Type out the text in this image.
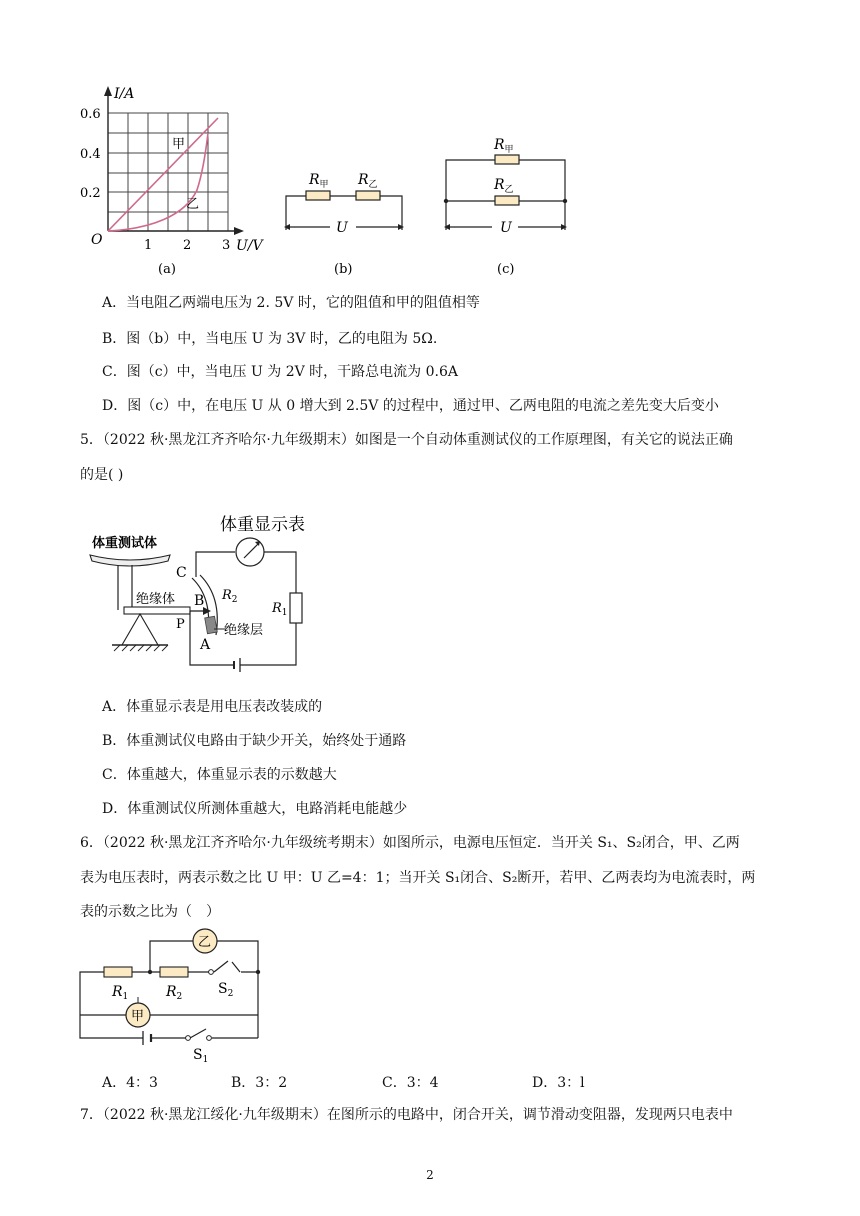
I/A
U/V
O
0.6
0.4
0.2
1 2 3
甲
乙
(a)
$R_甲$ $R_乙$
U
(b)
$R_甲$
$R_乙$
U
(c)
A．当电阻乙两端电压为 2. 5V 时，它的阻值和甲的阻值相等
B．图（b）中，当电压 U 为 3V 时，乙的电阻为 5Ω.
C．图（c）中，当电压 U 为 2V 时，干路总电流为 0.6A
D．图（c）中，在电压 U 从 0 增大到 2.5V 的过程中，通过甲、乙两电阻的电流之差先变大后变小
5．（2022 秋·黑龙江齐齐哈尔·九年级期末）如图是一个自动体重测试仪的工作原理图，有关它的说法正确
的是( )
体重显示表
体重测试体
绝缘体
C
B
P
A
$R_2$
绝缘层
$R_1$
A．体重显示表是用电压表改装成的
B．体重测试仪电路由于缺少开关，始终处于通路
C．体重越大，体重显示表的示数越大
D．体重测试仪所测体重越大，电路消耗电能越少
6．（2022 秋·黑龙江齐齐哈尔·九年级统考期末）如图所示，电源电压恒定．当开关 S₁、S₂闭合，甲、乙两
表为电压表时，两表示数之比 U 甲：U 乙=4：1；当开关 S₁闭合、S₂断开，若甲、乙两表均为电流表时，两
表的示数之比为（　）
乙
甲
$R_1$	$R_2$	$S_2$
$S_1$
A．4：3	B．3：2	C．3：4	D．3：l
7．（2022 秋·黑龙江绥化·九年级期末）在图所示的电路中，闭合开关，调节滑动变阻器，发现两只电表中
2
